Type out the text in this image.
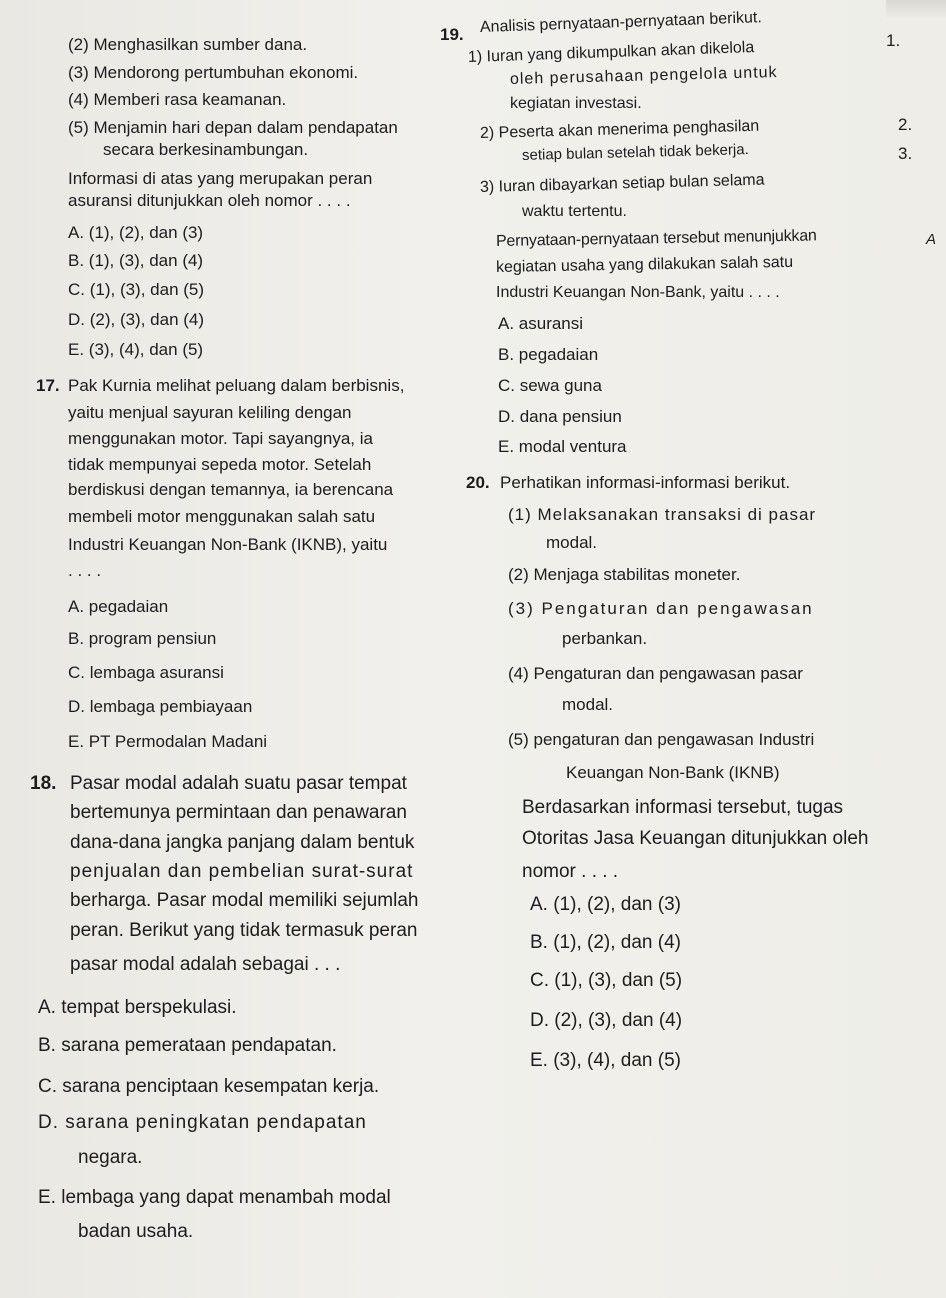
(2) Menghasilkan sumber dana.
(3) Mendorong pertumbuhan ekonomi.
(4) Memberi rasa keamanan.
(5) Menjamin hari depan dalam pendapatan
secara berkesinambungan.
Informasi di atas yang merupakan peran
asuransi ditunjukkan oleh nomor . . . .
A. (1), (2), dan (3)
B. (1), (3), dan (4)
C. (1), (3), dan (5)
D. (2), (3), dan (4)
E. (3), (4), dan (5)
17. Pak Kurnia melihat peluang dalam berbisnis,
yaitu menjual sayuran keliling dengan
menggunakan motor. Tapi sayangnya, ia
tidak mempunyai sepeda motor. Setelah
berdiskusi dengan temannya, ia berencana
membeli motor menggunakan salah satu
Industri Keuangan Non-Bank (IKNB), yaitu
. . . .
A. pegadaian
B. program pensiun
C. lembaga asuransi
D. lembaga pembiayaan
E. PT Permodalan Madani
18. Pasar modal adalah suatu pasar tempat
bertemunya permintaan dan penawaran
dana-dana jangka panjang dalam bentuk
penjualan dan pembelian surat-surat
berharga. Pasar modal memiliki sejumlah
peran. Berikut yang tidak termasuk peran
pasar modal adalah sebagai . . .
A. tempat berspekulasi.
B. sarana pemerataan pendapatan.
C. sarana penciptaan kesempatan kerja.
D. sarana peningkatan pendapatan
negara.
E. lembaga yang dapat menambah modal
badan usaha.
19. Analisis pernyataan-pernyataan berikut.
1) Iuran yang dikumpulkan akan dikelola
oleh perusahaan pengelola untuk
kegiatan investasi.
2) Peserta akan menerima penghasilan
setiap bulan setelah tidak bekerja.
3) Iuran dibayarkan setiap bulan selama
waktu tertentu.
Pernyataan-pernyataan tersebut menunjukkan
kegiatan usaha yang dilakukan salah satu
Industri Keuangan Non-Bank, yaitu . . . .
A. asuransi
B. pegadaian
C. sewa guna
D. dana pensiun
E. modal ventura
20. Perhatikan informasi-informasi berikut.
(1) Melaksanakan transaksi di pasar
modal.
(2) Menjaga stabilitas moneter.
(3) Pengaturan dan pengawasan
perbankan.
(4) Pengaturan dan pengawasan pasar
modal.
(5) pengaturan dan pengawasan Industri
Keuangan Non-Bank (IKNB)
Berdasarkan informasi tersebut, tugas
Otoritas Jasa Keuangan ditunjukkan oleh
nomor . . . .
A. (1), (2), dan (3)
B. (1), (2), dan (4)
C. (1), (3), dan (5)
D. (2), (3), dan (4)
E. (3), (4), dan (5)
1.
2.
3.
A
